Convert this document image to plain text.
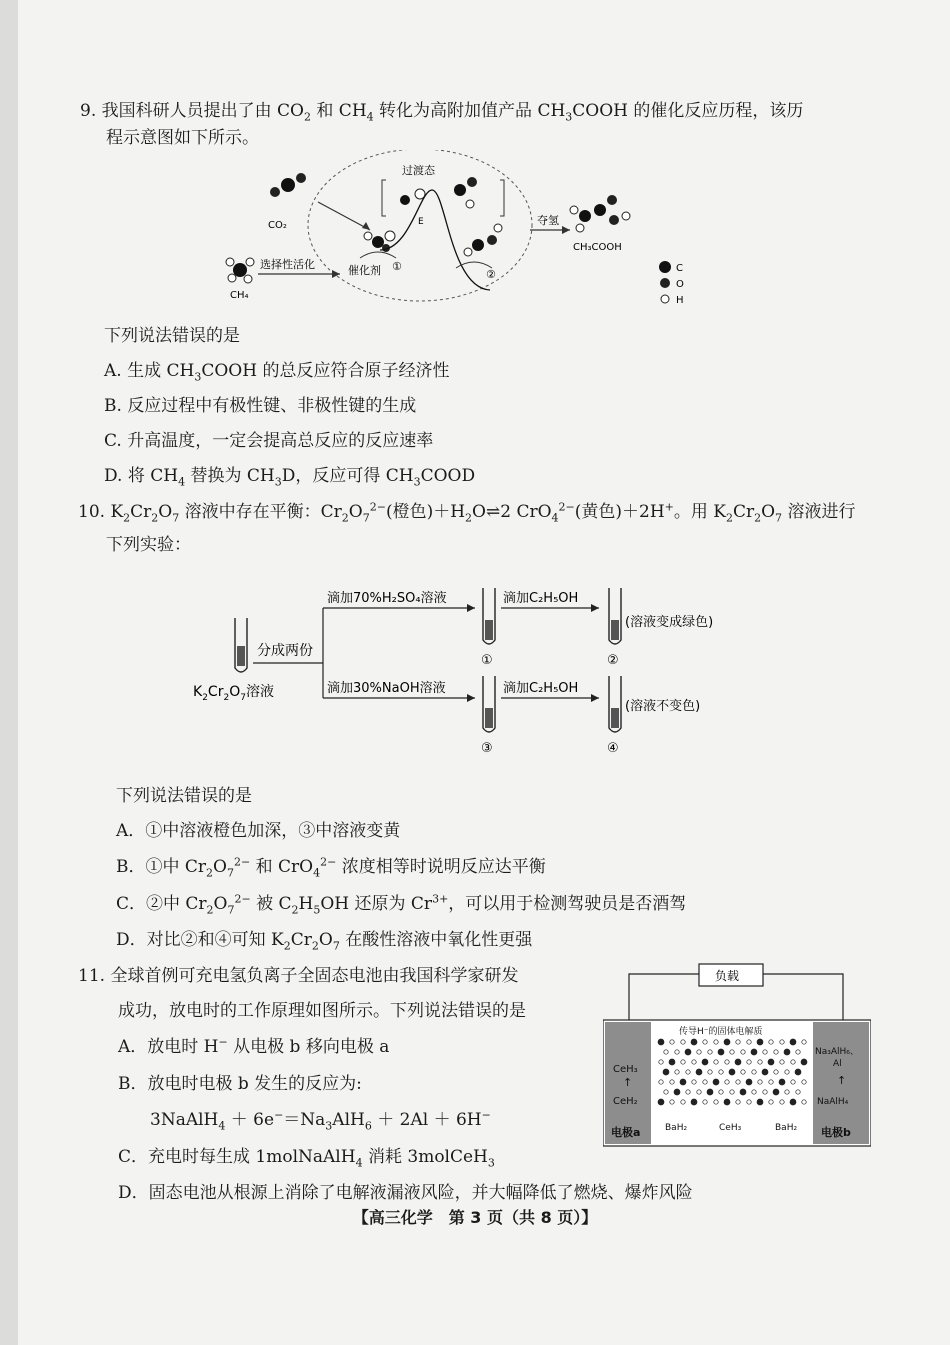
9. 我国科研人员提出了由 $CO_2$ 和 $CH_4$ 转化为高附加值产品 $CH_3COOH$ 的催化反应历程，该历
程示意图如下所示。
CO₂
CH₄
选择性活化	催化剂 ①
过渡态
E
②
夺氢
CH₃COOH
C
O
H
下列说法错误的是
A. 生成 $CH_3COOH$ 的总反应符合原子经济性
B. 反应过程中有极性键、非极性键的生成
C. 升高温度，一定会提高总反应的反应速率
D. 将 $CH_4$ 替换为 $CH_3D$，反应可得 $CH_3COOD$
10. $K_2Cr_2O_7$ 溶液中存在平衡：$Cr_2O_7^{2-}$(橙色)$+H_2O\rightleftharpoons 2$ CrO$_4^{2-}$(黄色)＋2H+。用 $K_2Cr_2O_7$ 溶液进行
下列实验：
$K_2Cr_2O_7$溶液
分成两份
滴加70%H₂SO₄溶液
①
滴加C₂H₅OH
②
(溶液变成绿色)
滴加30%NaOH溶液
③
滴加C₂H₅OH
④
(溶液不变色)
下列说法错误的是
A．①中溶液橙色加深，③中溶液变黄
B．①中 $Cr_2O_7^{2-}$ 和 CrO$_4^{2-}$ 浓度相等时说明反应达平衡
C．②中 $Cr_2O_7^{2-}$ 被 $C_2H_5OH$ 还原为 $Cr^{3+}$，可以用于检测驾驶员是否酒驾
D．对比②和④可知 $K_2Cr_2O_7$ 在酸性溶液中氧化性更强
11. 全球首例可充电氢负离子全固态电池由我国科学家研发
成功，放电时的工作原理如图所示。下列说法错误的是
A．放电时 H− 从电极 b 移向电极 a
B．放电时电极 b 发生的反应为:
3NaAlH$_4$ ＋ $6e^-=Na_3AlH_6 + 2Al + 6H^-$
C．充电时每生成 1molNaAlH$_4$ 消耗 3molCeH$_3$
D．固态电池从根源上消除了电解液漏液风险，并大幅降低了燃烧、爆炸风险
负载
CeH₃
↑
CeH₂
电极a
Na₃AlH₆、
Al
↑
NaAlH₄
电极b
传导H⁻的固体电解质
BaH₂	CeH₃	BaH₂
【高三化学　第 3 页（共 8 页）】
